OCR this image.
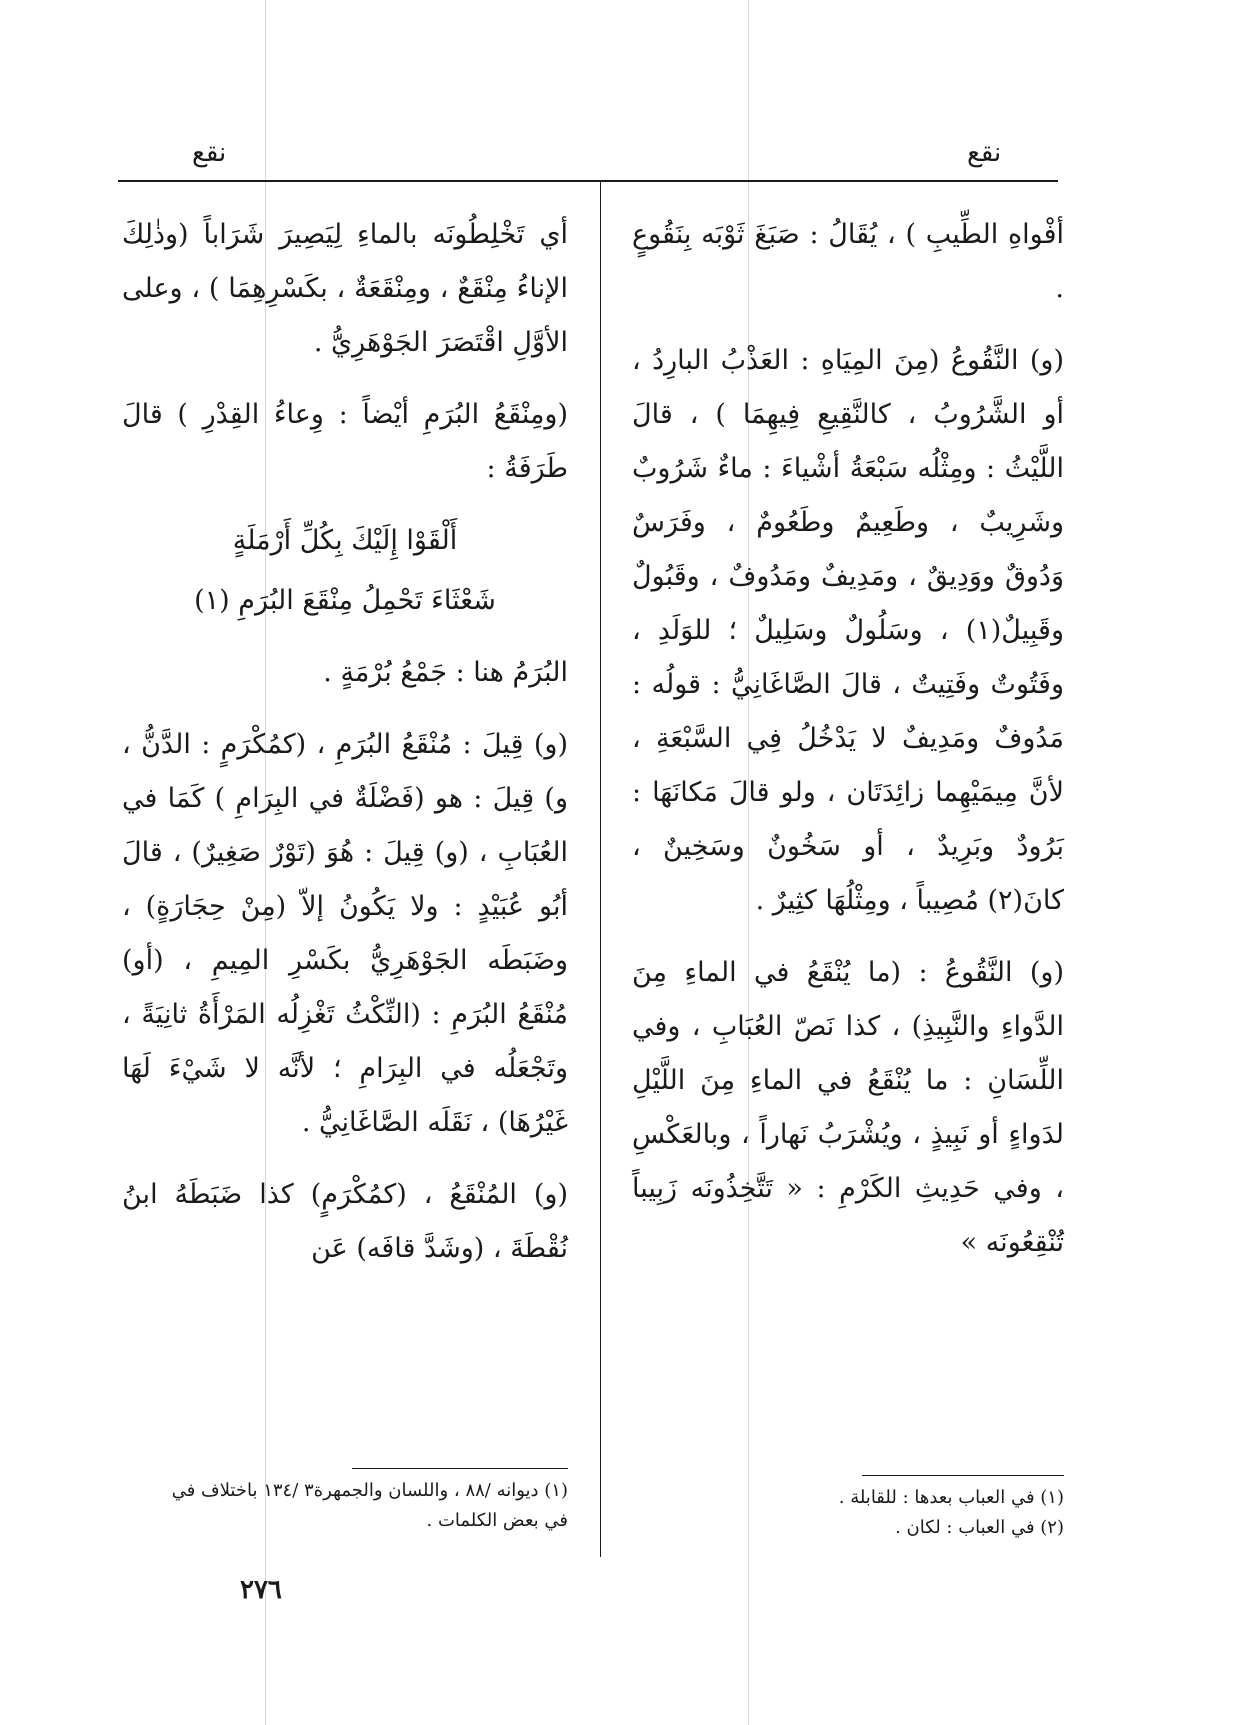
نقع	نقع

أفْواهِ الطِّيبِ ) ، يُقَالُ : صَبَغَ ثَوْبَه بِنَقُوعٍ .

(و) النَّقُوعُ (مِنَ المِيَاهِ : العَذْبُ البارِدُ ، أو الشَّرُوبُ ، كالنَّقِيعِ فِيهِمَا ) ، قالَ اللَّيْثُ : ومِثْلُه سَبْعَةُ أشْياءَ : ماءٌ شَرُوبٌ وشَرِيبٌ ، وطَعِيمٌ وطَعُومٌ ، وفَرَسٌ وَدُوقٌ ووَدِيقٌ ، ومَدِيفٌ ومَدُوفٌ ، وقَبُولٌ وقَبِيلٌ(١) ، وسَلُولٌ وسَلِيلٌ ؛ للوَلَدِ ، وفَتُوتٌ وفَتِيتٌ ، قالَ الصَّاغَانِيُّ : قولُه : مَدُوفٌ ومَدِيفٌ لا يَدْخُلُ فِي السَّبْعَةِ ، لأنَّ مِيمَيْهِما زائِدَتَان ، ولو قالَ مَكانَهَا : بَرُودٌ وبَرِيدٌ ، أو سَخُونٌ وسَخِينٌ ، كانَ(٢) مُصِيباً ، ومِثْلُهَا كثِيرٌ .

(و) النَّقُوعُ : (ما يُنْقَعُ في الماءِ مِنَ الدَّواءِ والنَّبِيذِ) ، كذا نَصّ العُبَابِ ، وفي اللِّسَانِ : ما يُنْقَعُ في الماءِ مِنَ اللَّيْلِ لدَواءٍ أو نَبِيذٍ ، ويُشْرَبُ نَهاراً ، وبالعَكْسِ ، وفي حَدِيثِ الكَرْمِ : « تَتَّخِذُونَه زَبِيباً تُنْقِعُونَه »

(١) في العباب بعدها : للقابلة .
(٢) في العباب : لكان .

أي تَخْلِطُونَه بالماءِ لِيَصِيرَ شَرَاباً (وذٰلِكَ الإناءُ مِنْقَعٌ ، ومِنْقَعَةٌ ، بكَسْرِهِمَا ) ، وعلى الأوَّلِ اقْتَصَرَ الجَوْهَرِيُّ .

(ومِنْقَعُ البُرَمِ أيْضاً : وِعاءُ القِدْرِ ) قالَ طَرَفَةُ :

أَلْقَوْا إِلَيْكَ بِكُلِّ أَرْمَلَةٍ
شَعْثَاءَ تَحْمِلُ مِنْقَعَ البُرَمِ (١)

البُرَمُ هنا : جَمْعُ بُرْمَةٍ .

(و) قِيلَ : مُنْقَعُ البُرَمِ ، (كمُكْرَمٍ : الدَّنُّ ، و) قِيلَ : هو (فَضْلَةٌ في البِرَامِ ) كَمَا في العُبَابِ ، (و) قِيلَ : هُوَ (تَوْرٌ صَغِيرٌ) ، قالَ أبُو عُبَيْدٍ : ولا يَكُونُ إلاّ (مِنْ حِجَارَةٍ) ، وضَبَطَه الجَوْهَرِيُّ بكَسْرِ المِيمِ ، (أو) مُنْقَعُ البُرَمِ : (النِّكْثُ تَغْزِلُه المَرْأَةُ ثانِيَةً ، وتَجْعَلُه في البِرَامِ ؛ لأنَّه لا شَيْءَ لَهَا غَيْرُهَا) ، نَقَلَه الصَّاغَانِيُّ .

(و) المُنْقَعُ ، (كمُكْرَمٍ) كذا ضَبَطَهُ ابنُ نُقْطَةَ ، (وشَدَّ قافَه) عَن

(١) ديوانه /٨٨ ، واللسان والجمهرة٣ /١٣٤ باختلاف في
في بعض الكلمات .
٢٧٦
